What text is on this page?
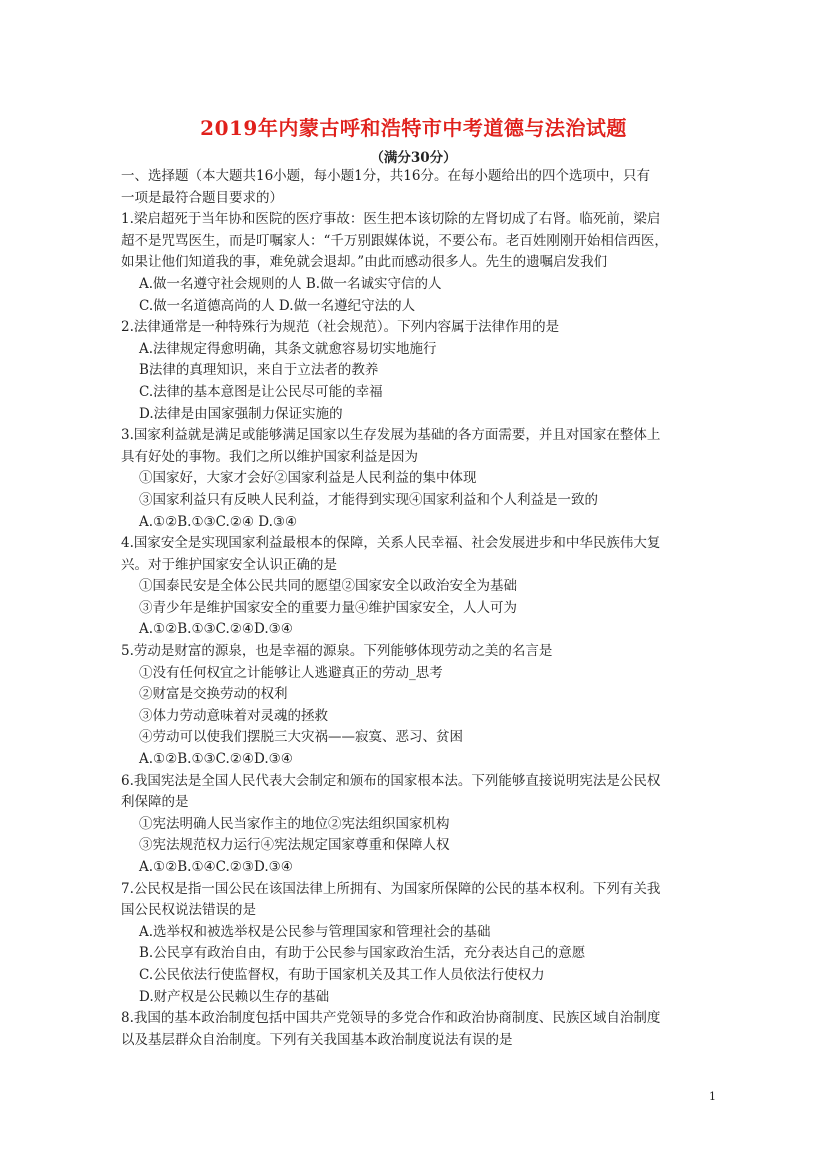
2019年内蒙古呼和浩特市中考道德与法治试题
（满分30分）
一、选择题（本大题共16小题，每小题1分，共16分。在每小题给出的四个选项中，只有
一项是最符合题目要求的）
1.梁启超死于当年协和医院的医疗事故：医生把本该切除的左肾切成了右肾。临死前，梁启
超不是咒骂医生，而是叮嘱家人：“千万别跟媒体说，不要公布。老百姓刚刚开始相信西医，
如果让他们知道我的事，难免就会退却。”由此而感动很多人。先生的遗嘱启发我们
A.做一名遵守社会规则的人 B.做一名诚实守信的人
C.做一名道德高尚的人 D.做一名遵纪守法的人
2.法律通常是一种特殊行为规范（社会规范）。下列内容属于法律作用的是
A.法律规定得愈明确，其条文就愈容易切实地施行
B法律的真理知识，来自于立法者的教养
C.法律的基本意图是让公民尽可能的幸福
D.法律是由国家强制力保证实施的
3.国家利益就是满足或能够满足国家以生存发展为基础的各方面需要，并且对国家在整体上
具有好处的事物。我们之所以维护国家利益是因为
①国家好，大家才会好②国家利益是人民利益的集中体现
③国家利益只有反映人民利益，才能得到实现④国家利益和个人利益是一致的
A.①②B.①③C.②④ D.③④
4.国家安全是实现国家利益最根本的保障，关系人民幸福、社会发展进步和中华民族伟大复
兴。对于维护国家安全认识正确的是
①国泰民安是全体公民共同的愿望②国家安全以政治安全为基础
③青少年是维护国家安全的重要力量④维护国家安全，人人可为
A.①②B.①③C.②④D.③④
5.劳动是财富的源泉，也是幸福的源泉。下列能够体现劳动之美的名言是
①没有任何权宜之计能够让人逃避真正的劳动_思考
②财富是交换劳动的权利
③体力劳动意味着对灵魂的拯救
④劳动可以使我们摆脱三大灾祸——寂寞、恶习、贫困
A.①②B.①③C.②④D.③④
6.我国宪法是全国人民代表大会制定和颁布的国家根本法。下列能够直接说明宪法是公民权
利保障的是
①宪法明确人民当家作主的地位②宪法组织国家机构
③宪法规范权力运行④宪法规定国家尊重和保障人权
A.①②B.①④C.②③D.③④
7.公民权是指一国公民在该国法律上所拥有、为国家所保障的公民的基本权利。下列有关我
国公民权说法错误的是
A.选举权和被选举权是公民参与管理国家和管理社会的基础
B.公民享有政治自由，有助于公民参与国家政治生活，充分表达自己的意愿
C.公民依法行使监督权，有助于国家机关及其工作人员依法行使权力
D.财产权是公民赖以生存的基础
8.我国的基本政治制度包括中国共产党领导的多党合作和政治协商制度、民族区域自治制度
以及基层群众自治制度。下列有关我国基本政治制度说法有误的是
1
